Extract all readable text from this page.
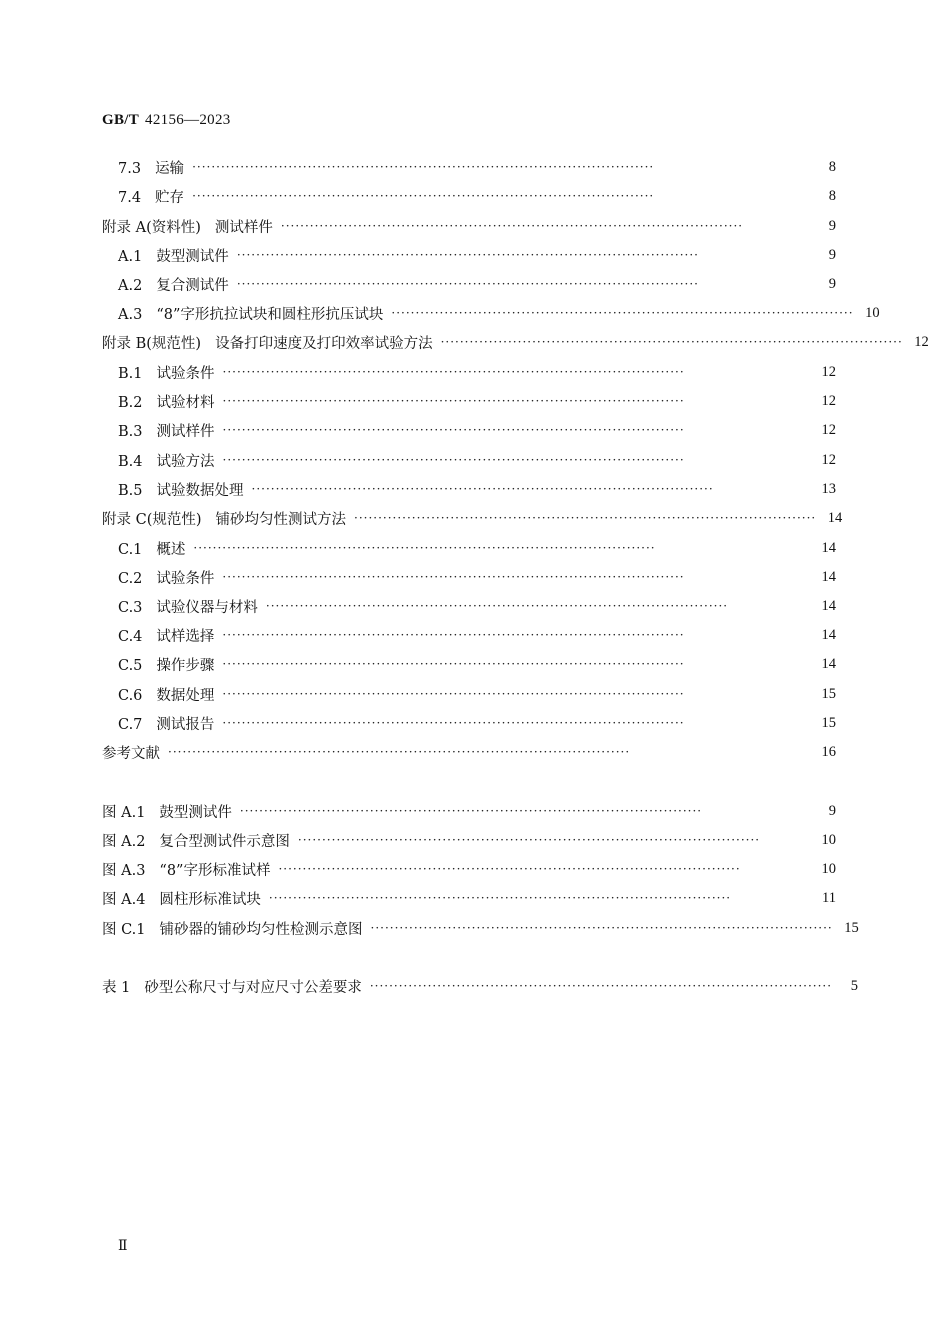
GB/T 42156—2023
7.3 运输 ································································································	8
7.4 贮存 ································································································	8
附录 A(资料性) 测试样件 ································································································	9
A.1 鼓型测试件 ································································································	9
A.2 复合测试件 ································································································	9
A.3 “8”字形抗拉试块和圆柱形抗压试块 ································································································ 10
附录 B(规范性) 设备打印速度及打印效率试验方法 ································································································ 12
B.1 试验条件 ································································································	12
B.2 试验材料 ································································································	12
B.3 测试样件 ································································································	12
B.4 试验方法 ································································································	12
B.5 试验数据处理 ································································································	13
附录 C(规范性) 铺砂均匀性测试方法 ································································································ 14
C.1 概述 ································································································	14
C.2 试验条件 ································································································	14
C.3 试验仪器与材料 ································································································	14
C.4 试样选择 ································································································	14
C.5 操作步骤 ································································································	14
C.6 数据处理 ································································································	15
C.7 测试报告 ································································································	15
参考文献 ································································································	16
图 A.1 鼓型测试件 ································································································	9
图 A.2 复合型测试件示意图 ································································································	10
图 A.3 “8”字形标准试样 ································································································	10
图 A.4 圆柱形标准试块 ································································································	11
图 C.1 铺砂器的铺砂均匀性检测示意图 ································································································ 15
表 1 砂型公称尺寸与对应尺寸公差要求 ································································································	5
Ⅱ
